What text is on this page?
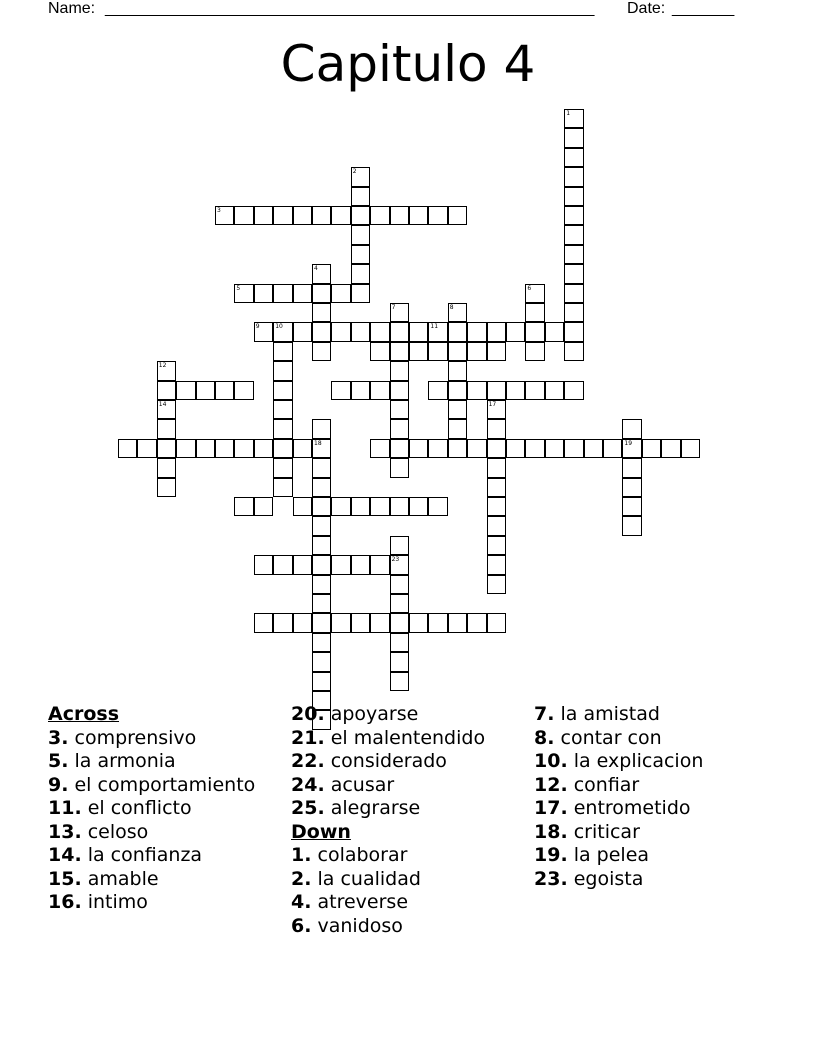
Name: _______________________________________________________ Date: _______
Capitulo 4
1
2
3
4
5	6
7	8
9	10	11
12
14	17
18	19
23
Across
3. comprensivo
5. la armonia
9. el comportamiento
11. el conflicto
13. celoso
14. la confianza
15. amable
16. intimo
20. apoyarse
21. el malentendido
22. considerado
24. acusar
25. alegrarse
Down
1. colaborar
2. la cualidad
4. atreverse
6. vanidoso
7. la amistad
8. contar con
10. la explicacion
12. confiar
17. entrometido
18. criticar
19. la pelea
23. egoista
